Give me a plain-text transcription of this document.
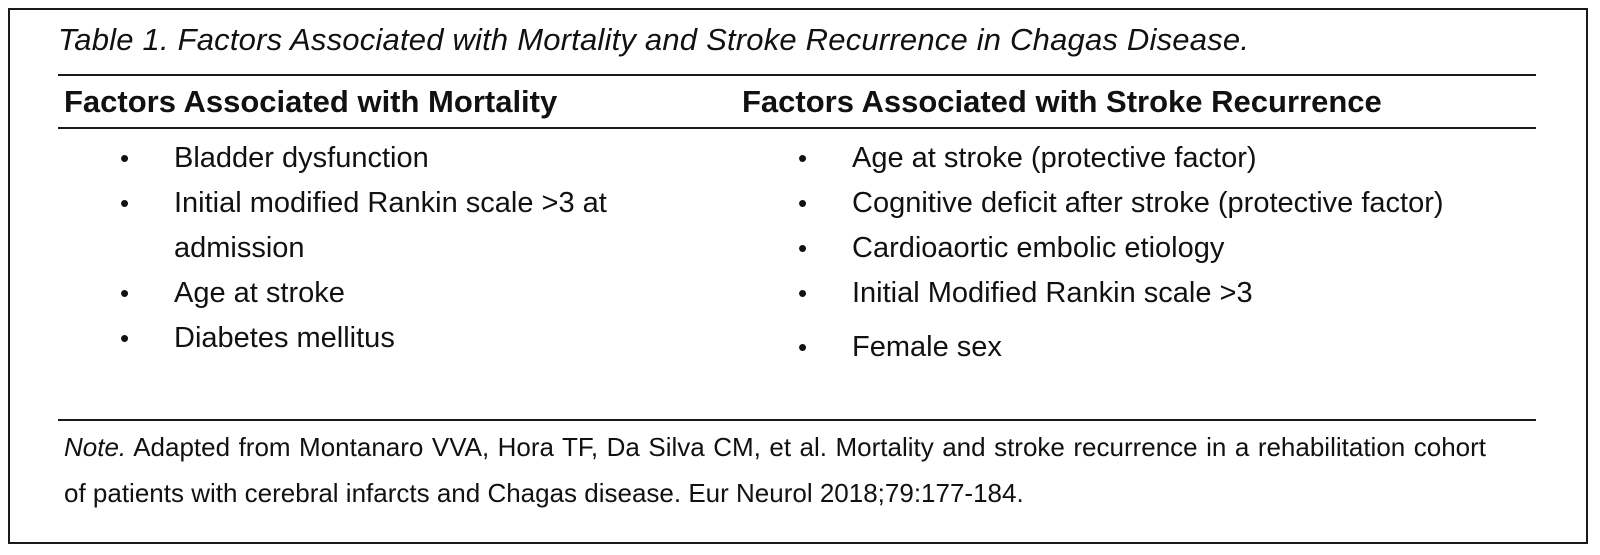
Table 1. Factors Associated with Mortality and Stroke Recurrence in Chagas Disease.
Factors Associated with Mortality	Factors Associated with Stroke Recurrence
• Bladder dysfunction
• Initial modified Rankin scale >3 at admission
• Age at stroke
• Diabetes mellitus
• Age at stroke (protective factor)
• Cognitive deficit after stroke (protective factor)
• Cardioaortic embolic etiology
• Initial Modified Rankin scale >3
• Female sex
Note. Adapted from Montanaro VVA, Hora TF, Da Silva CM, et al. Mortality and stroke recurrence in a rehabilitation cohort of patients with cerebral infarcts and Chagas disease. Eur Neurol 2018;79:177-184.
